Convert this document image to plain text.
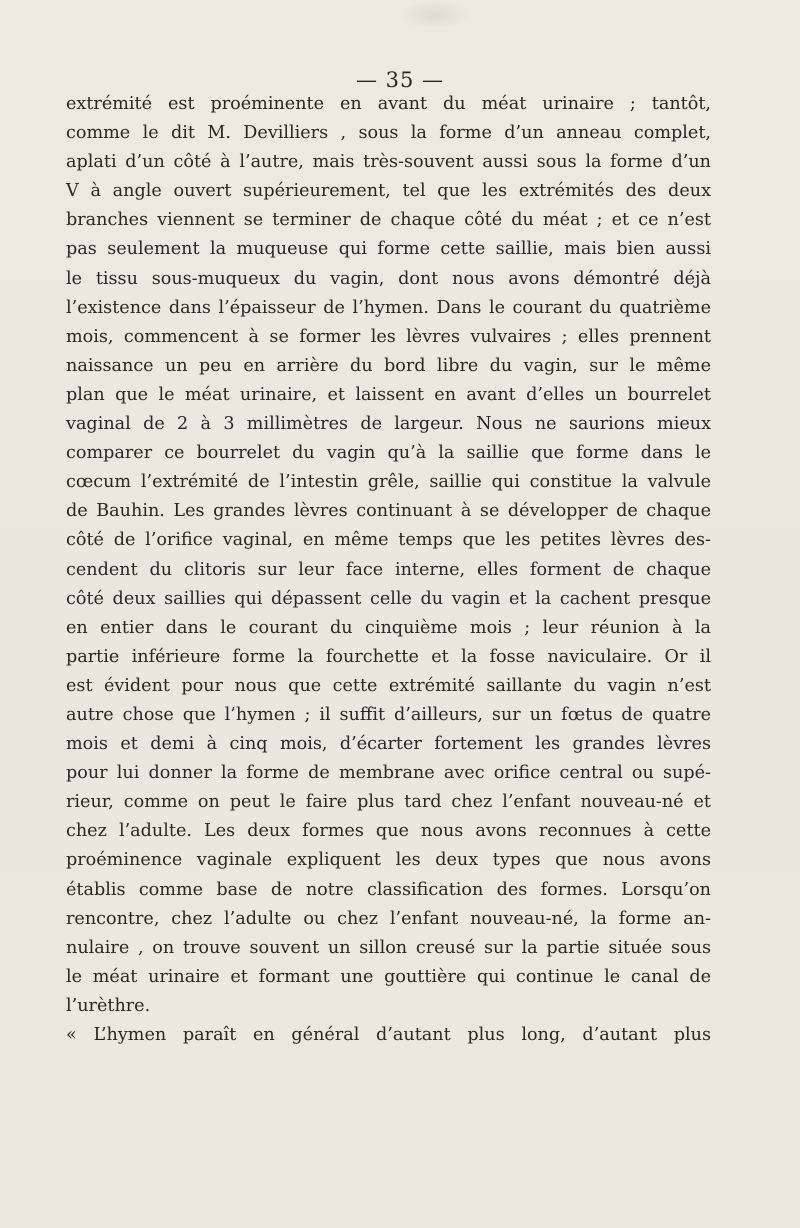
— 35 —
extrémité est proéminente en avant du méat urinaire ; tantôt,
comme le dit M. Devilliers , sous la forme d’un anneau complet,
aplati d’un côté à l’autre, mais très-souvent aussi sous la forme d’un
V à angle ouvert supérieurement, tel que les extrémités des deux
branches viennent se terminer de chaque côté du méat ; et ce n’est
pas seulement la muqueuse qui forme cette saillie, mais bien aussi
le tissu sous-muqueux du vagin, dont nous avons démontré déjà
l’existence dans l’épaisseur de l’hymen. Dans le courant du quatrième
mois, commencent à se former les lèvres vulvaires ; elles prennent
naissance un peu en arrière du bord libre du vagin, sur le même
plan que le méat urinaire, et laissent en avant d’elles un bourrelet
vaginal de 2 à 3 millimètres de largeur. Nous ne saurions mieux
comparer ce bourrelet du vagin qu’à la saillie que forme dans le
cœcum l’extrémité de l’intestin grêle, saillie qui constitue la valvule
de Bauhin. Les grandes lèvres continuant à se développer de chaque
côté de l’orifice vaginal, en même temps que les petites lèvres des-
cendent du clitoris sur leur face interne, elles forment de chaque
côté deux saillies qui dépassent celle du vagin et la cachent presque
en entier dans le courant du cinquième mois ; leur réunion à la
partie inférieure forme la fourchette et la fosse naviculaire. Or il
est évident pour nous que cette extrémité saillante du vagin n’est
autre chose que l’hymen ; il suffit d’ailleurs, sur un fœtus de quatre
mois et demi à cinq mois, d’écarter fortement les grandes lèvres
pour lui donner la forme de membrane avec orifice central ou supé-
rieur, comme on peut le faire plus tard chez l’enfant nouveau-né et
chez l’adulte. Les deux formes que nous avons reconnues à cette
proéminence vaginale expliquent les deux types que nous avons
établis comme base de notre classification des formes. Lorsqu’on
rencontre, chez l’adulte ou chez l’enfant nouveau-né, la forme an-
nulaire , on trouve souvent un sillon creusé sur la partie située sous
le méat urinaire et formant une gouttière qui continue le canal de
l’urèthre.
« L’hymen paraît en général d’autant plus long, d’autant plus
